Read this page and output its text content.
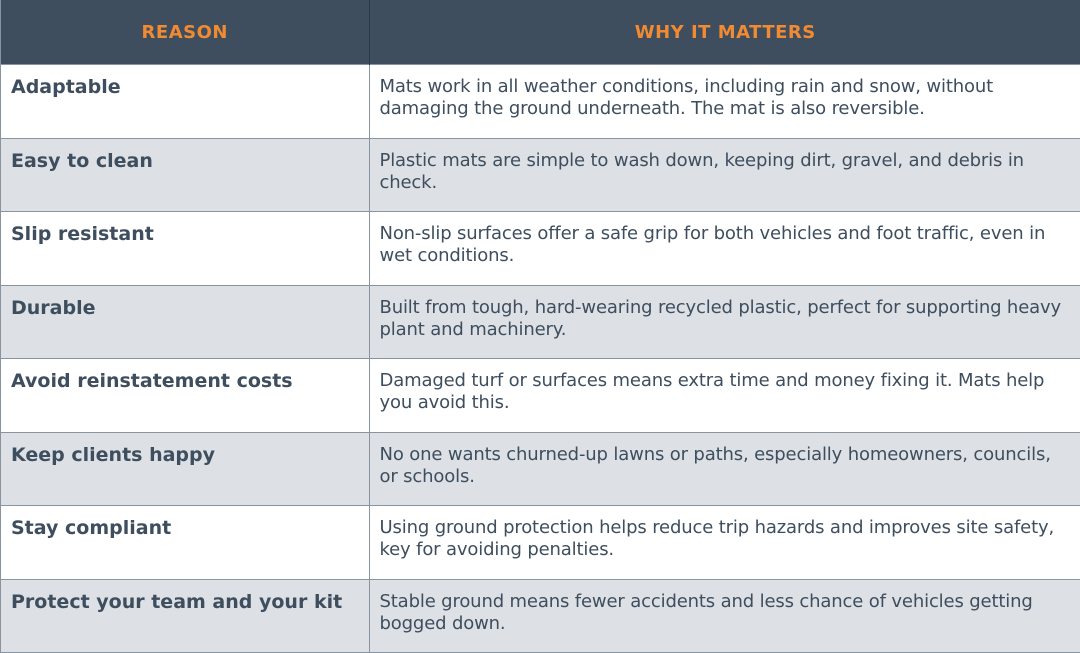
REASON	WHY IT MATTERS

Adaptable	Mats work in all weather conditions, including rain and snow, without damaging the ground underneath. The mat is also reversible.

Easy to clean	Plastic mats are simple to wash down, keeping dirt, gravel, and debris in check.

Slip resistant	Non-slip surfaces offer a safe grip for both vehicles and foot traffic, even in wet conditions.

Durable	Built from tough, hard-wearing recycled plastic, perfect for supporting heavy plant and machinery.

Avoid reinstatement costs	Damaged turf or surfaces means extra time and money fixing it. Mats help you avoid this.

Keep clients happy	No one wants churned-up lawns or paths, especially homeowners, councils, or schools.

Stay compliant	Using ground protection helps reduce trip hazards and improves site safety, key for avoiding penalties.

Protect your team and your kit	Stable ground means fewer accidents and less chance of vehicles getting bogged down.
